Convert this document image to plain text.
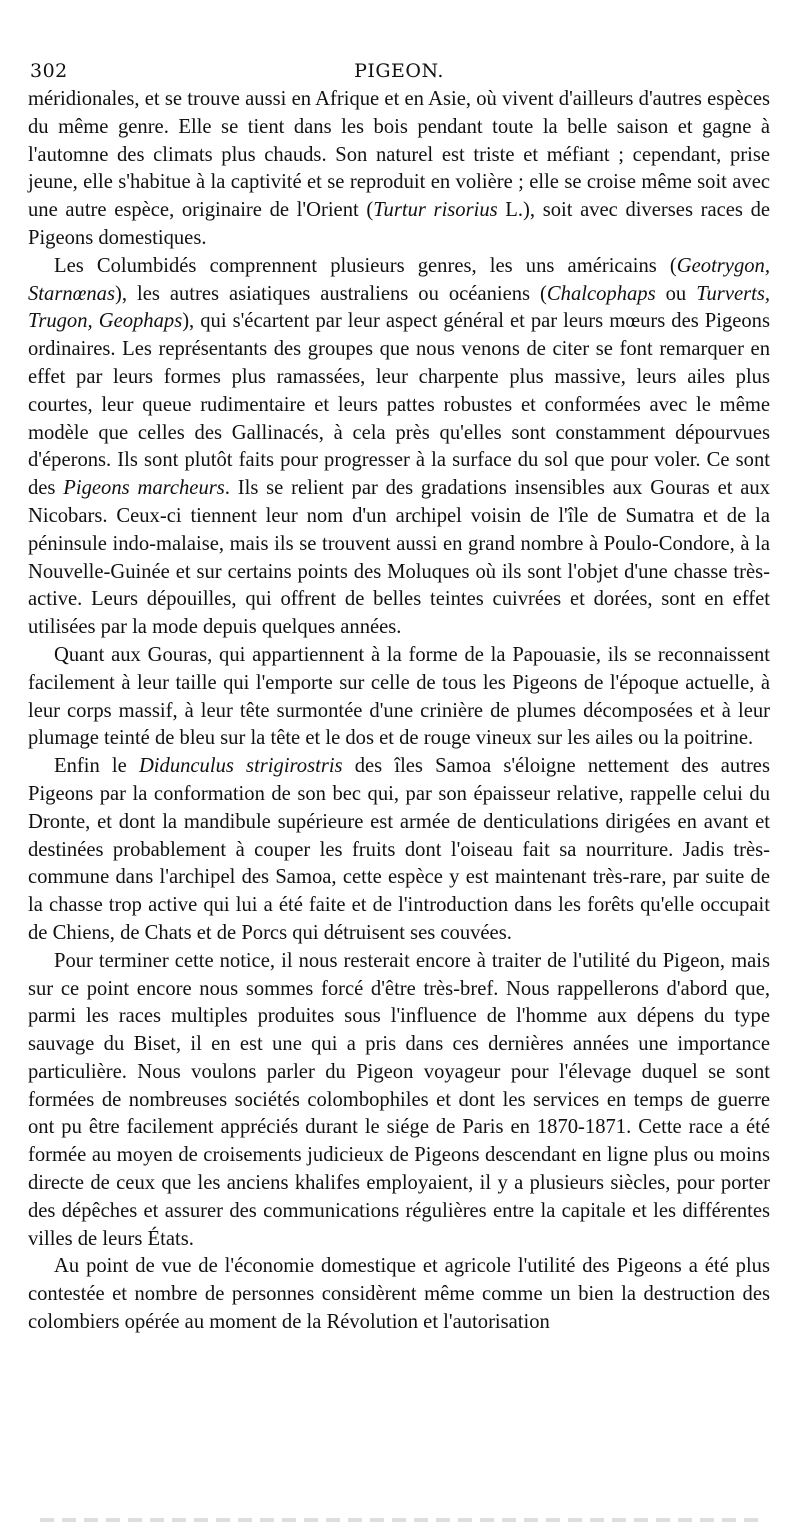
302	PIGEON.

méridionales, et se trouve aussi en Afrique et en Asie, où vivent d'ailleurs d'autres espèces du même genre. Elle se tient dans les bois pendant toute la belle saison et gagne à l'automne des climats plus chauds. Son naturel est triste et méfiant ; cependant, prise jeune, elle s'habitue à la captivité et se reproduit en volière ; elle se croise même soit avec une autre espèce, originaire de l'Orient (Turtur risorius L.), soit avec diverses races de Pigeons domestiques.

Les Columbidés comprennent plusieurs genres, les uns américains (Geotrygon, Starnœnas), les autres asiatiques australiens ou océaniens (Chalcophaps ou Turverts, Trugon, Geophaps), qui s'écartent par leur aspect général et par leurs mœurs des Pigeons ordinaires. Les représentants des groupes que nous venons de citer se font remarquer en effet par leurs formes plus ramassées, leur charpente plus massive, leurs ailes plus courtes, leur queue rudimentaire et leurs pattes robustes et conformées avec le même modèle que celles des Gallinacés, à cela près qu'elles sont constamment dépourvues d'éperons. Ils sont plutôt faits pour progresser à la surface du sol que pour voler. Ce sont des Pigeons marcheurs. Ils se relient par des gradations insensibles aux Gouras et aux Nicobars. Ceux-ci tiennent leur nom d'un archipel voisin de l'île de Sumatra et de la péninsule indo-malaise, mais ils se trouvent aussi en grand nombre à Poulo-Condore, à la Nouvelle-Guinée et sur certains points des Moluques où ils sont l'objet d'une chasse très-active. Leurs dépouilles, qui offrent de belles teintes cuivrées et dorées, sont en effet utilisées par la mode depuis quelques années.

Quant aux Gouras, qui appartiennent à la forme de la Papouasie, ils se reconnaissent facilement à leur taille qui l'emporte sur celle de tous les Pigeons de l'époque actuelle, à leur corps massif, à leur tête surmontée d'une crinière de plumes décomposées et à leur plumage teinté de bleu sur la tête et le dos et de rouge vineux sur les ailes ou la poitrine.

Enfin le Didunculus strigirostris des îles Samoa s'éloigne nettement des autres Pigeons par la conformation de son bec qui, par son épaisseur relative, rappelle celui du Dronte, et dont la mandibule supérieure est armée de denticulations dirigées en avant et destinées probablement à couper les fruits dont l'oiseau fait sa nourriture. Jadis très-commune dans l'archipel des Samoa, cette espèce y est maintenant très-rare, par suite de la chasse trop active qui lui a été faite et de l'introduction dans les forêts qu'elle occupait de Chiens, de Chats et de Porcs qui détruisent ses couvées.

Pour terminer cette notice, il nous resterait encore à traiter de l'utilité du Pigeon, mais sur ce point encore nous sommes forcé d'être très-bref. Nous rappellerons d'abord que, parmi les races multiples produites sous l'influence de l'homme aux dépens du type sauvage du Biset, il en est une qui a pris dans ces dernières années une importance particulière. Nous voulons parler du Pigeon voyageur pour l'élevage duquel se sont formées de nombreuses sociétés colombophiles et dont les services en temps de guerre ont pu être facilement appréciés durant le siége de Paris en 1870-1871. Cette race a été formée au moyen de croisements judicieux de Pigeons descendant en ligne plus ou moins directe de ceux que les anciens khalifes employaient, il y a plusieurs siècles, pour porter des dépêches et assurer des communications régulières entre la capitale et les différentes villes de leurs États.

Au point de vue de l'économie domestique et agricole l'utilité des Pigeons a été plus contestée et nombre de personnes considèrent même comme un bien la destruction des colombiers opérée au moment de la Révolution et l'autorisation
